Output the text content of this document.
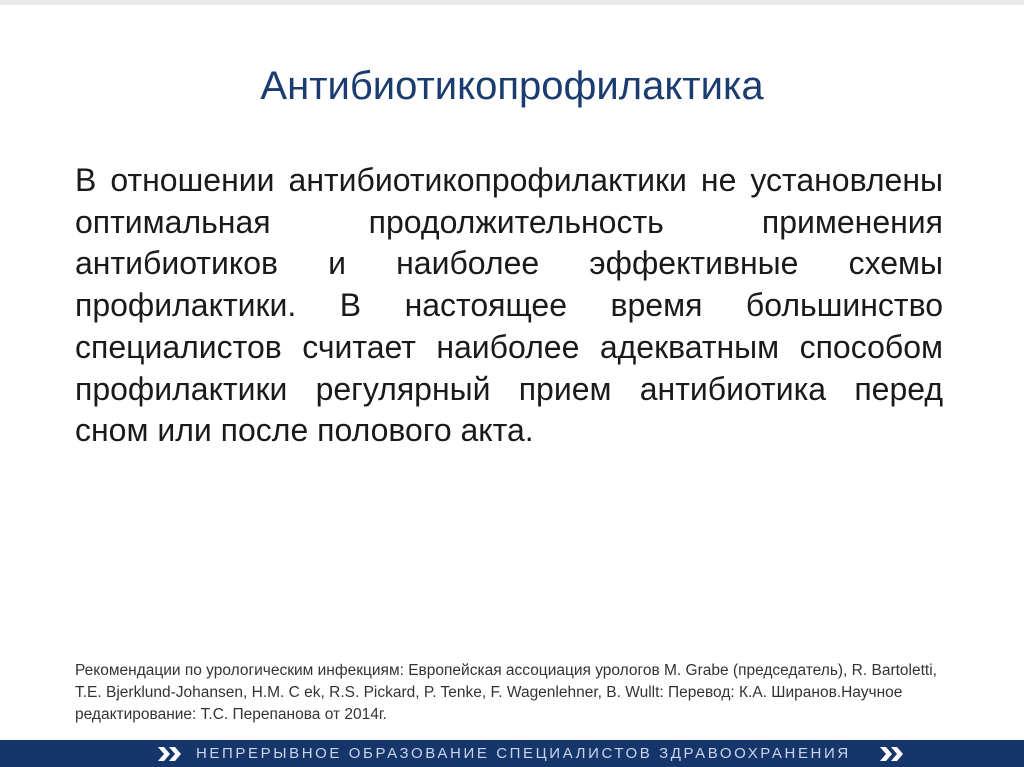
Антибиотикопрофилактика

В отношении антибиотикопрофилактики не установлены оптимальная продолжительность применения антибиотиков и наиболее эффективные схемы профилактики. В настоящее время большинство специалистов считает наиболее адекватным способом профилактики регулярный прием антибиотика перед сном или после полового акта.

Рекомендации по урологическим инфекциям: Европейская ассоциация урологов M. Grabe (председатель), R. Bartoletti, T.E. Bjerklund-Johansen, H.M. C ek, R.S. Pickard, P. Tenke, F. Wagenlehner, B. Wullt: Перевод: К.А. Ширанов.Научное редактирование: Т.С. Перепанова от 2014г.

НЕПРЕРЫВНОЕ ОБРАЗОВАНИЕ СПЕЦИАЛИСТОВ ЗДРАВООХРАНЕНИЯ
